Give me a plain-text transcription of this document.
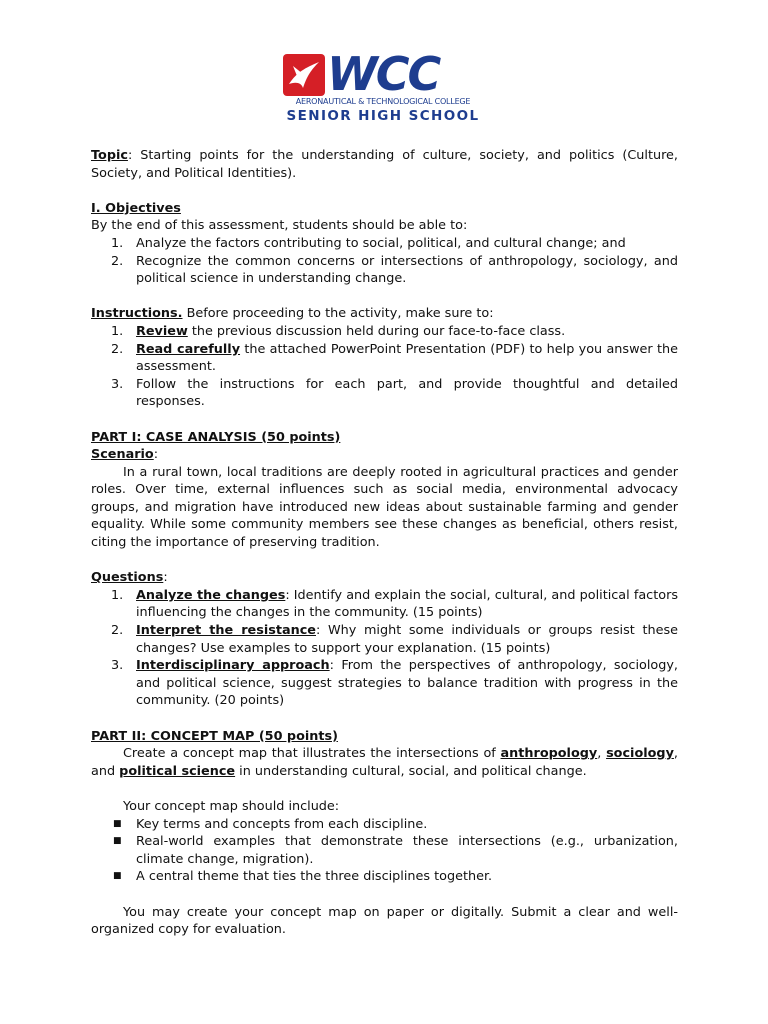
WCC
AERONAUTICAL & TECHNOLOGICAL COLLEGE
SENIOR HIGH SCHOOL

Topic: Starting points for the understanding of culture, society, and politics (Culture, Society, and Political Identities).

I. Objectives

By the end of this assessment, students should be able to:

1. Analyze the factors contributing to social, political, and cultural change; and
2. Recognize the common concerns or intersections of anthropology, sociology, and political science in understanding change.

Instructions. Before proceeding to the activity, make sure to:

1. Review the previous discussion held during our face-to-face class.
2. Read carefully the attached PowerPoint Presentation (PDF) to help you answer the assessment.
3. Follow the instructions for each part, and provide thoughtful and detailed responses.

PART I: CASE ANALYSIS (50 points)

Scenario:

In a rural town, local traditions are deeply rooted in agricultural practices and gender roles. Over time, external influences such as social media, environmental advocacy groups, and migration have introduced new ideas about sustainable farming and gender equality. While some community members see these changes as beneficial, others resist, citing the importance of preserving tradition.

Questions:

1. Analyze the changes: Identify and explain the social, cultural, and political factors influencing the changes in the community. (15 points)
2. Interpret the resistance: Why might some individuals or groups resist these changes? Use examples to support your explanation. (15 points)
3. Interdisciplinary approach: From the perspectives of anthropology, sociology, and political science, suggest strategies to balance tradition with progress in the community. (20 points)

PART II: CONCEPT MAP (50 points)

Create a concept map that illustrates the intersections of anthropology, sociology, and political science in understanding cultural, social, and political change.

Your concept map should include:

■ Key terms and concepts from each discipline.
■ Real-world examples that demonstrate these intersections (e.g., urbanization, climate change, migration).
■ A central theme that ties the three disciplines together.

You may create your concept map on paper or digitally. Submit a clear and well-organized copy for evaluation.
